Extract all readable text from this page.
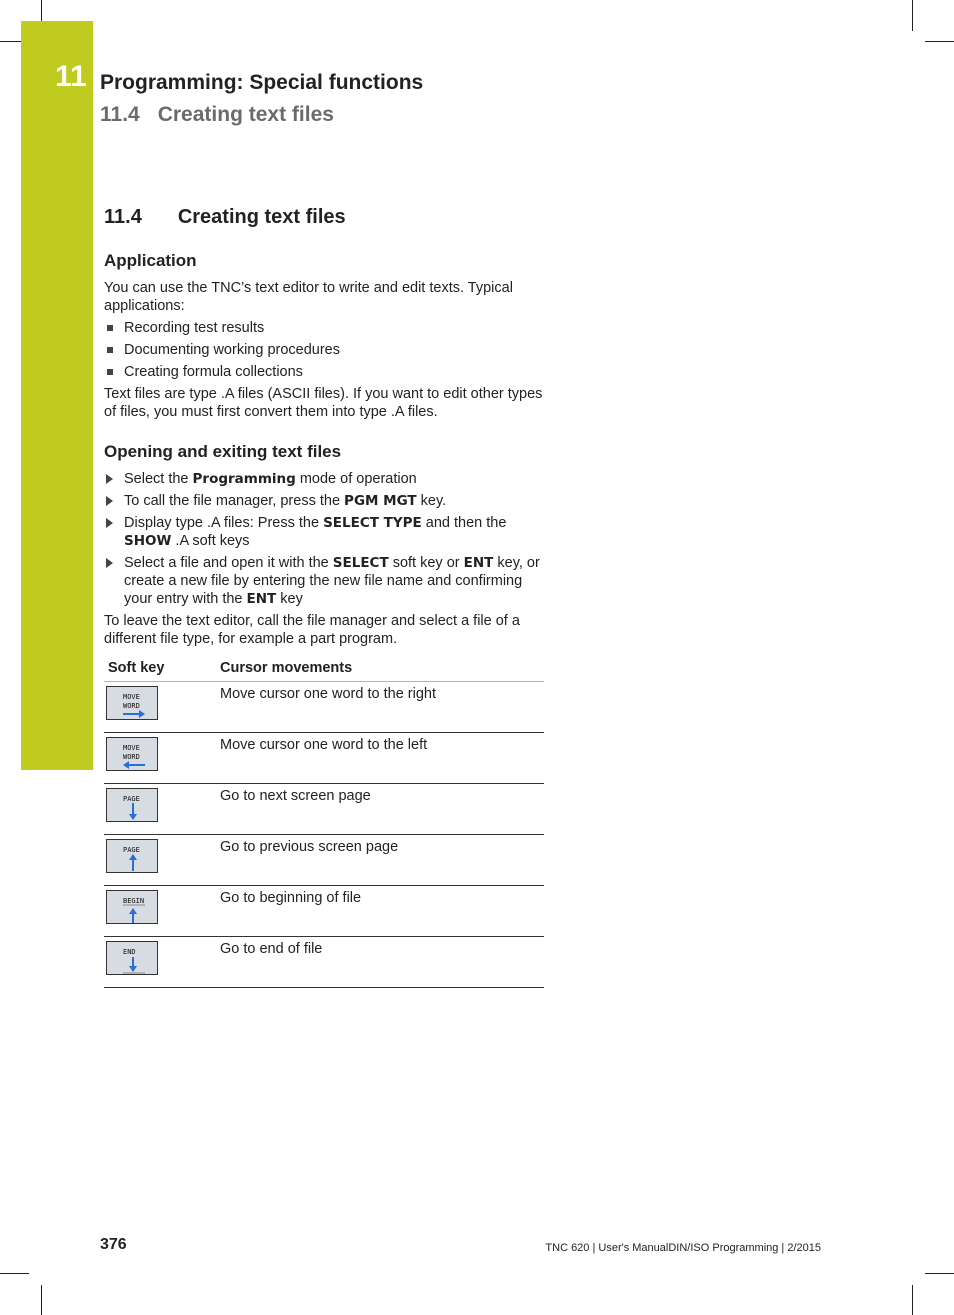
11 Programming: Special functions
11.4 Creating text files
11.4 Creating text files
Application

You can use the TNC’s text editor to write and edit texts. Typical applications:

Recording test results
Documenting working procedures
Creating formula collections

Text files are type .A files (ASCII files). If you want to edit other types of files, you must first convert them into type .A files.

Opening and exiting text files
Select the Programming mode of operation
To call the file manager, press the PGM MGT key.
Display type .A files: Press the SELECT TYPE and then the SHOW .A soft keys
Select a file and open it with the SELECT soft key or ENT key, or create a new file by entering the new file name and confirming your entry with the ENT key

To leave the text editor, call the file manager and select a file of a different file type, for example a part program.

Soft key	Cursor movements

MOVE
WORD	Move cursor one word to the right

MOVE
WORD	Move cursor one word to the left

PAGE	Go to next screen page

PAGE	Go to previous screen page

BEGIN	Go to beginning of file

END	Go to end of file
376	TNC 620 | User's ManualDIN/ISO Programming | 2/2015
